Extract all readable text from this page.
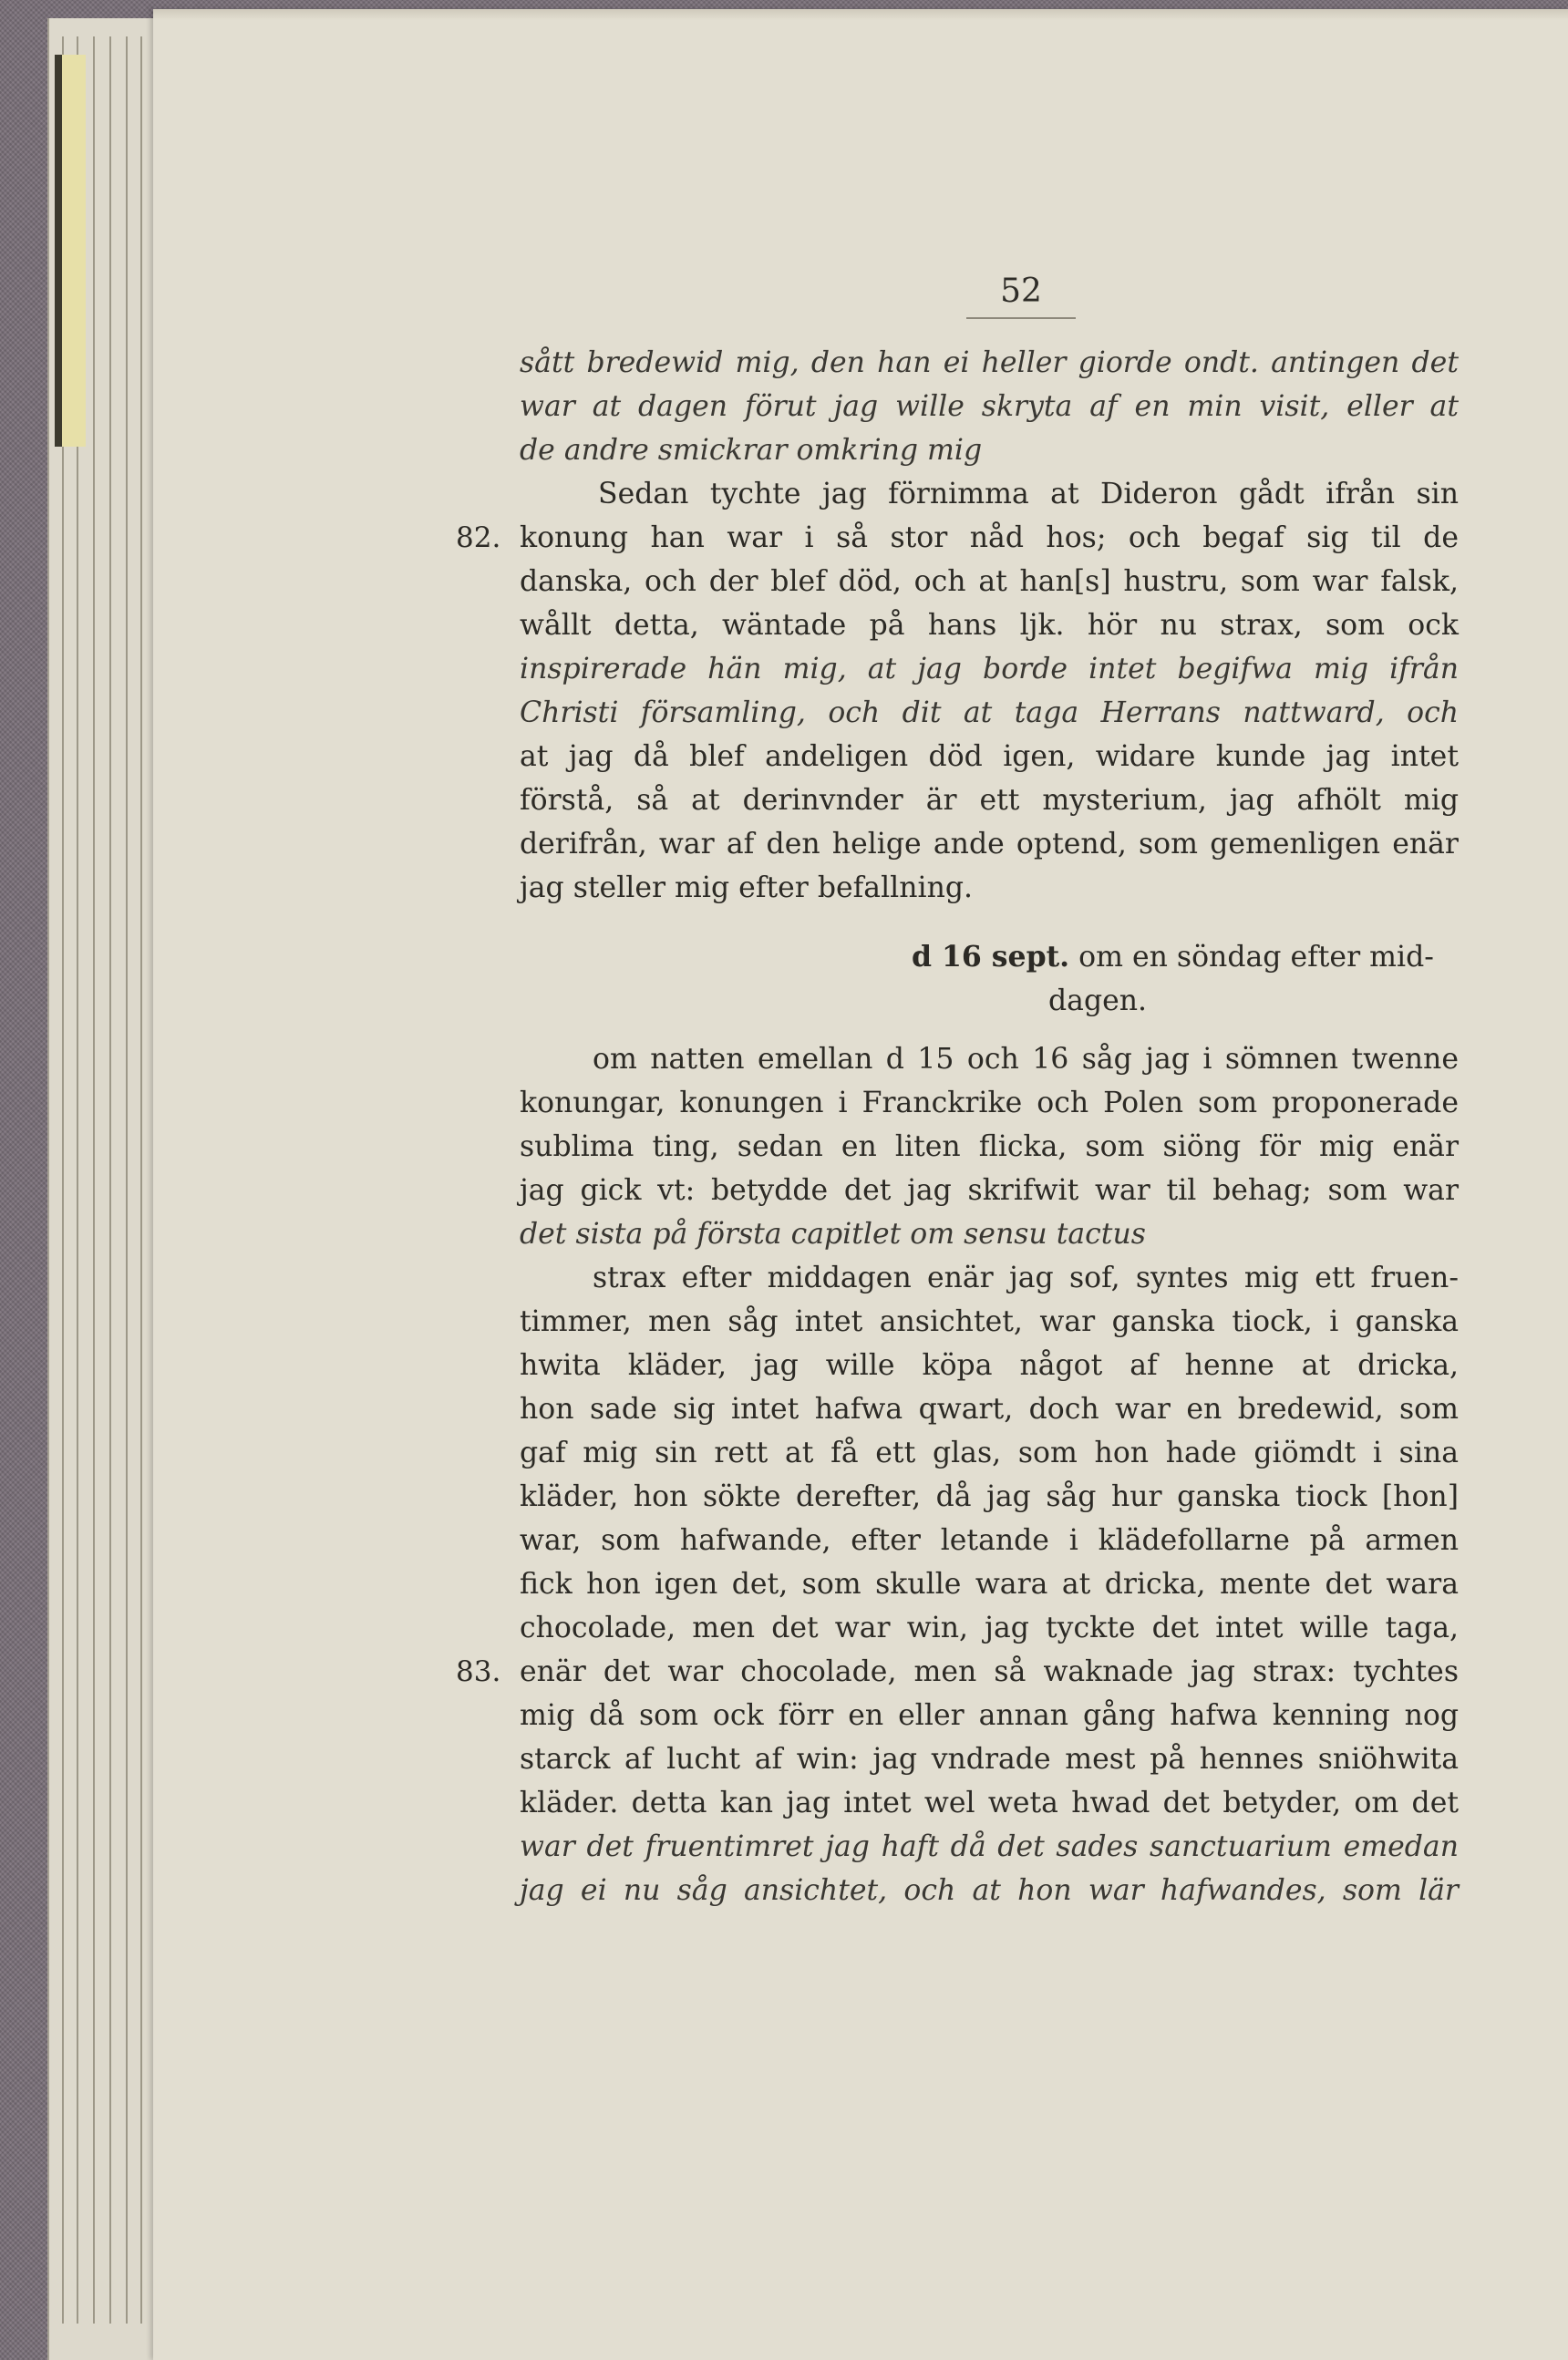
52
sått bredewid mig, den han ei heller giorde ondt. antingen det
war at dagen förut jag wille skryta af en min visit, eller at
de andre smickrar omkring mig
Sedan tychte jag förnimma at Dideron gådt ifrån sin
82. konung han war i så stor nåd hos; och begaf sig til de
danska, och der blef död, och at han[s] hustru, som war falsk,
wållt detta, wäntade på hans lјk. hör nu strax, som ock
inspirerade hän mig, at jag borde intet begifwa mig ifrån
Christi församling, och dit at taga Herrans nattward, och
at jag då blef andeligen död igen, widare kunde jag intet
förstå, så at derinvnder är ett mysterium, jag afhölt mig
derifrån, war af den helige ande optend, som gemenligen enär
jag steller mig efter befallning.
d 16 sept. om en söndag efter mid-
dagen.
om natten emellan d 15 och 16 såg jag i sömnen twenne
konungar, konungen i Franckrike och Polen som proponerade
sublima ting, sedan en liten flicka, som siöng för mig enär
jag gick vt: betydde det jag skrifwit war til behag; som war
det sista på första capitlet om sensu tactus
strax efter middagen enär jag sof, syntes mig ett fruen-
timmer, men såg intet ansichtet, war ganska tiock, i ganska
hwita kläder, jag wille köpa något af henne at dricka,
hon sade sig intet hafwa qwart, doch war en bredewid, som
gaf mig sin rett at få ett glas, som hon hade giömdt i sina
kläder, hon sökte derefter, då jag såg hur ganska tiock [hon]
war, som hafwande, efter letande i klädefollarne på armen
fick hon igen det, som skulle wara at dricka, mente det wara
chocolade, men det war win, jag tyckte det intet wille taga,
83. enär det war chocolade, men så waknade jag strax: tychtes
mig då som ock förr en eller annan gång hafwa kenning nog
starck af lucht af win: jag vndrade mest på hennes sniöhwita
kläder. detta kan jag intet wel weta hwad det betyder, om det
war det fruentimret jag haft då det sades sanctuarium emedan
jag ei nu såg ansichtet, och at hon war hafwandes, som lär
